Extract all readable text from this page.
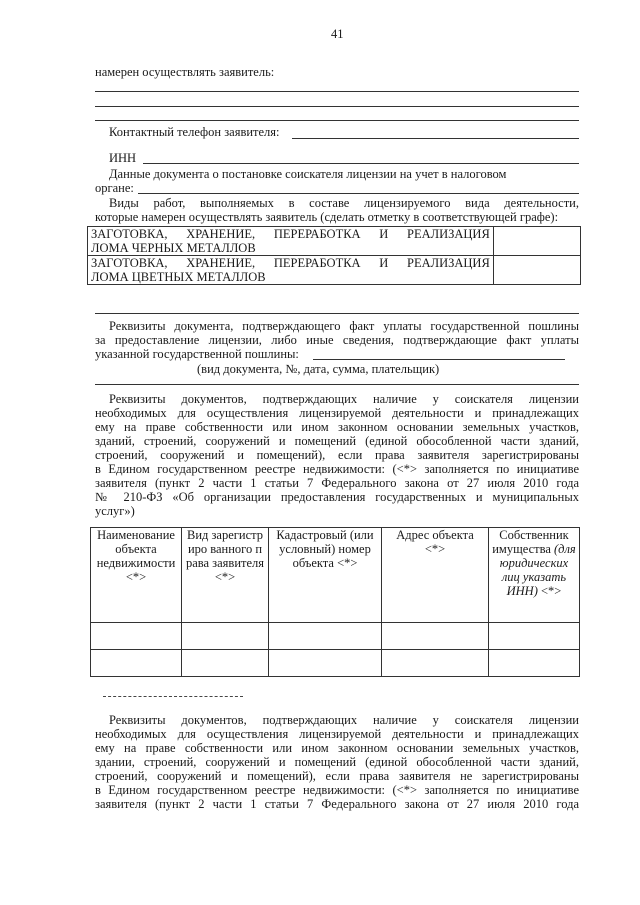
41
намерен осуществлять заявитель:
Контактный телефон заявителя:
ИНН
Данные документа о постановке соискателя лицензии на учет в налоговом
органе:
Виды работ, выполняемых в составе лицензируемого вида деятельности,
которые намерен осуществлять заявитель (сделать отметку в соответствующей графе):
ЗАГОТОВКА, ХРАНЕНИЕ, ПЕРЕРАБОТКА И РЕАЛИЗАЦИЯ
ЛОМА ЧЕРНЫХ МЕТАЛЛОВ	

ЗАГОТОВКА, ХРАНЕНИЕ, ПЕРЕРАБОТКА И РЕАЛИЗАЦИЯ
ЛОМА ЦВЕТНЫХ МЕТАЛЛОВ	

Реквизиты документа, подтверждающего факт уплаты государственной пошлины
за предоставление лицензии, либо иные сведения, подтверждающие факт уплаты
указанной государственной пошлины:
(вид документа, №, дата, сумма, плательщик)
Реквизиты документов, подтверждающих наличие у соискателя лицензии
необходимых для осуществления лицензируемой деятельности и принадлежащих
ему на праве собственности или ином законном основании земельных участков,
зданий, строений, сооружений и помещений (единой обособленной части зданий,
строений, сооружений и помещений), если права заявителя зарегистрированы
в Едином государственном реестре недвижимости: (<*> заполняется по инициативе
заявителя (пункт 2 части 1 статьи 7 Федерального закона от 27 июля 2010 года
№ 210-ФЗ «Об организации предоставления государственных и муниципальных
услуг»)
Наименование объекта недвижимости <*>	Вид зарегистриро ванного права заявителя <*>	Кадастровый (или условный) номер объекта <*>	Адрес объекта <*>	Собственник имущества (для юридических лиц указать ИНН) <*>

Реквизиты документов, подтверждающих наличие у соискателя лицензии
необходимых для осуществления лицензируемой деятельности и принадлежащих
ему на праве собственности или ином законном основании земельных участков,
здании, строений, сооружений и помещений (единой обособленной части зданий,
строений, сооружений и помещений), если права заявителя не зарегистрированы
в Едином государственном реестре недвижимости: (<*> заполняется по инициативе
заявителя (пункт 2 части 1 статьи 7 Федерального закона от 27 июля 2010 года
